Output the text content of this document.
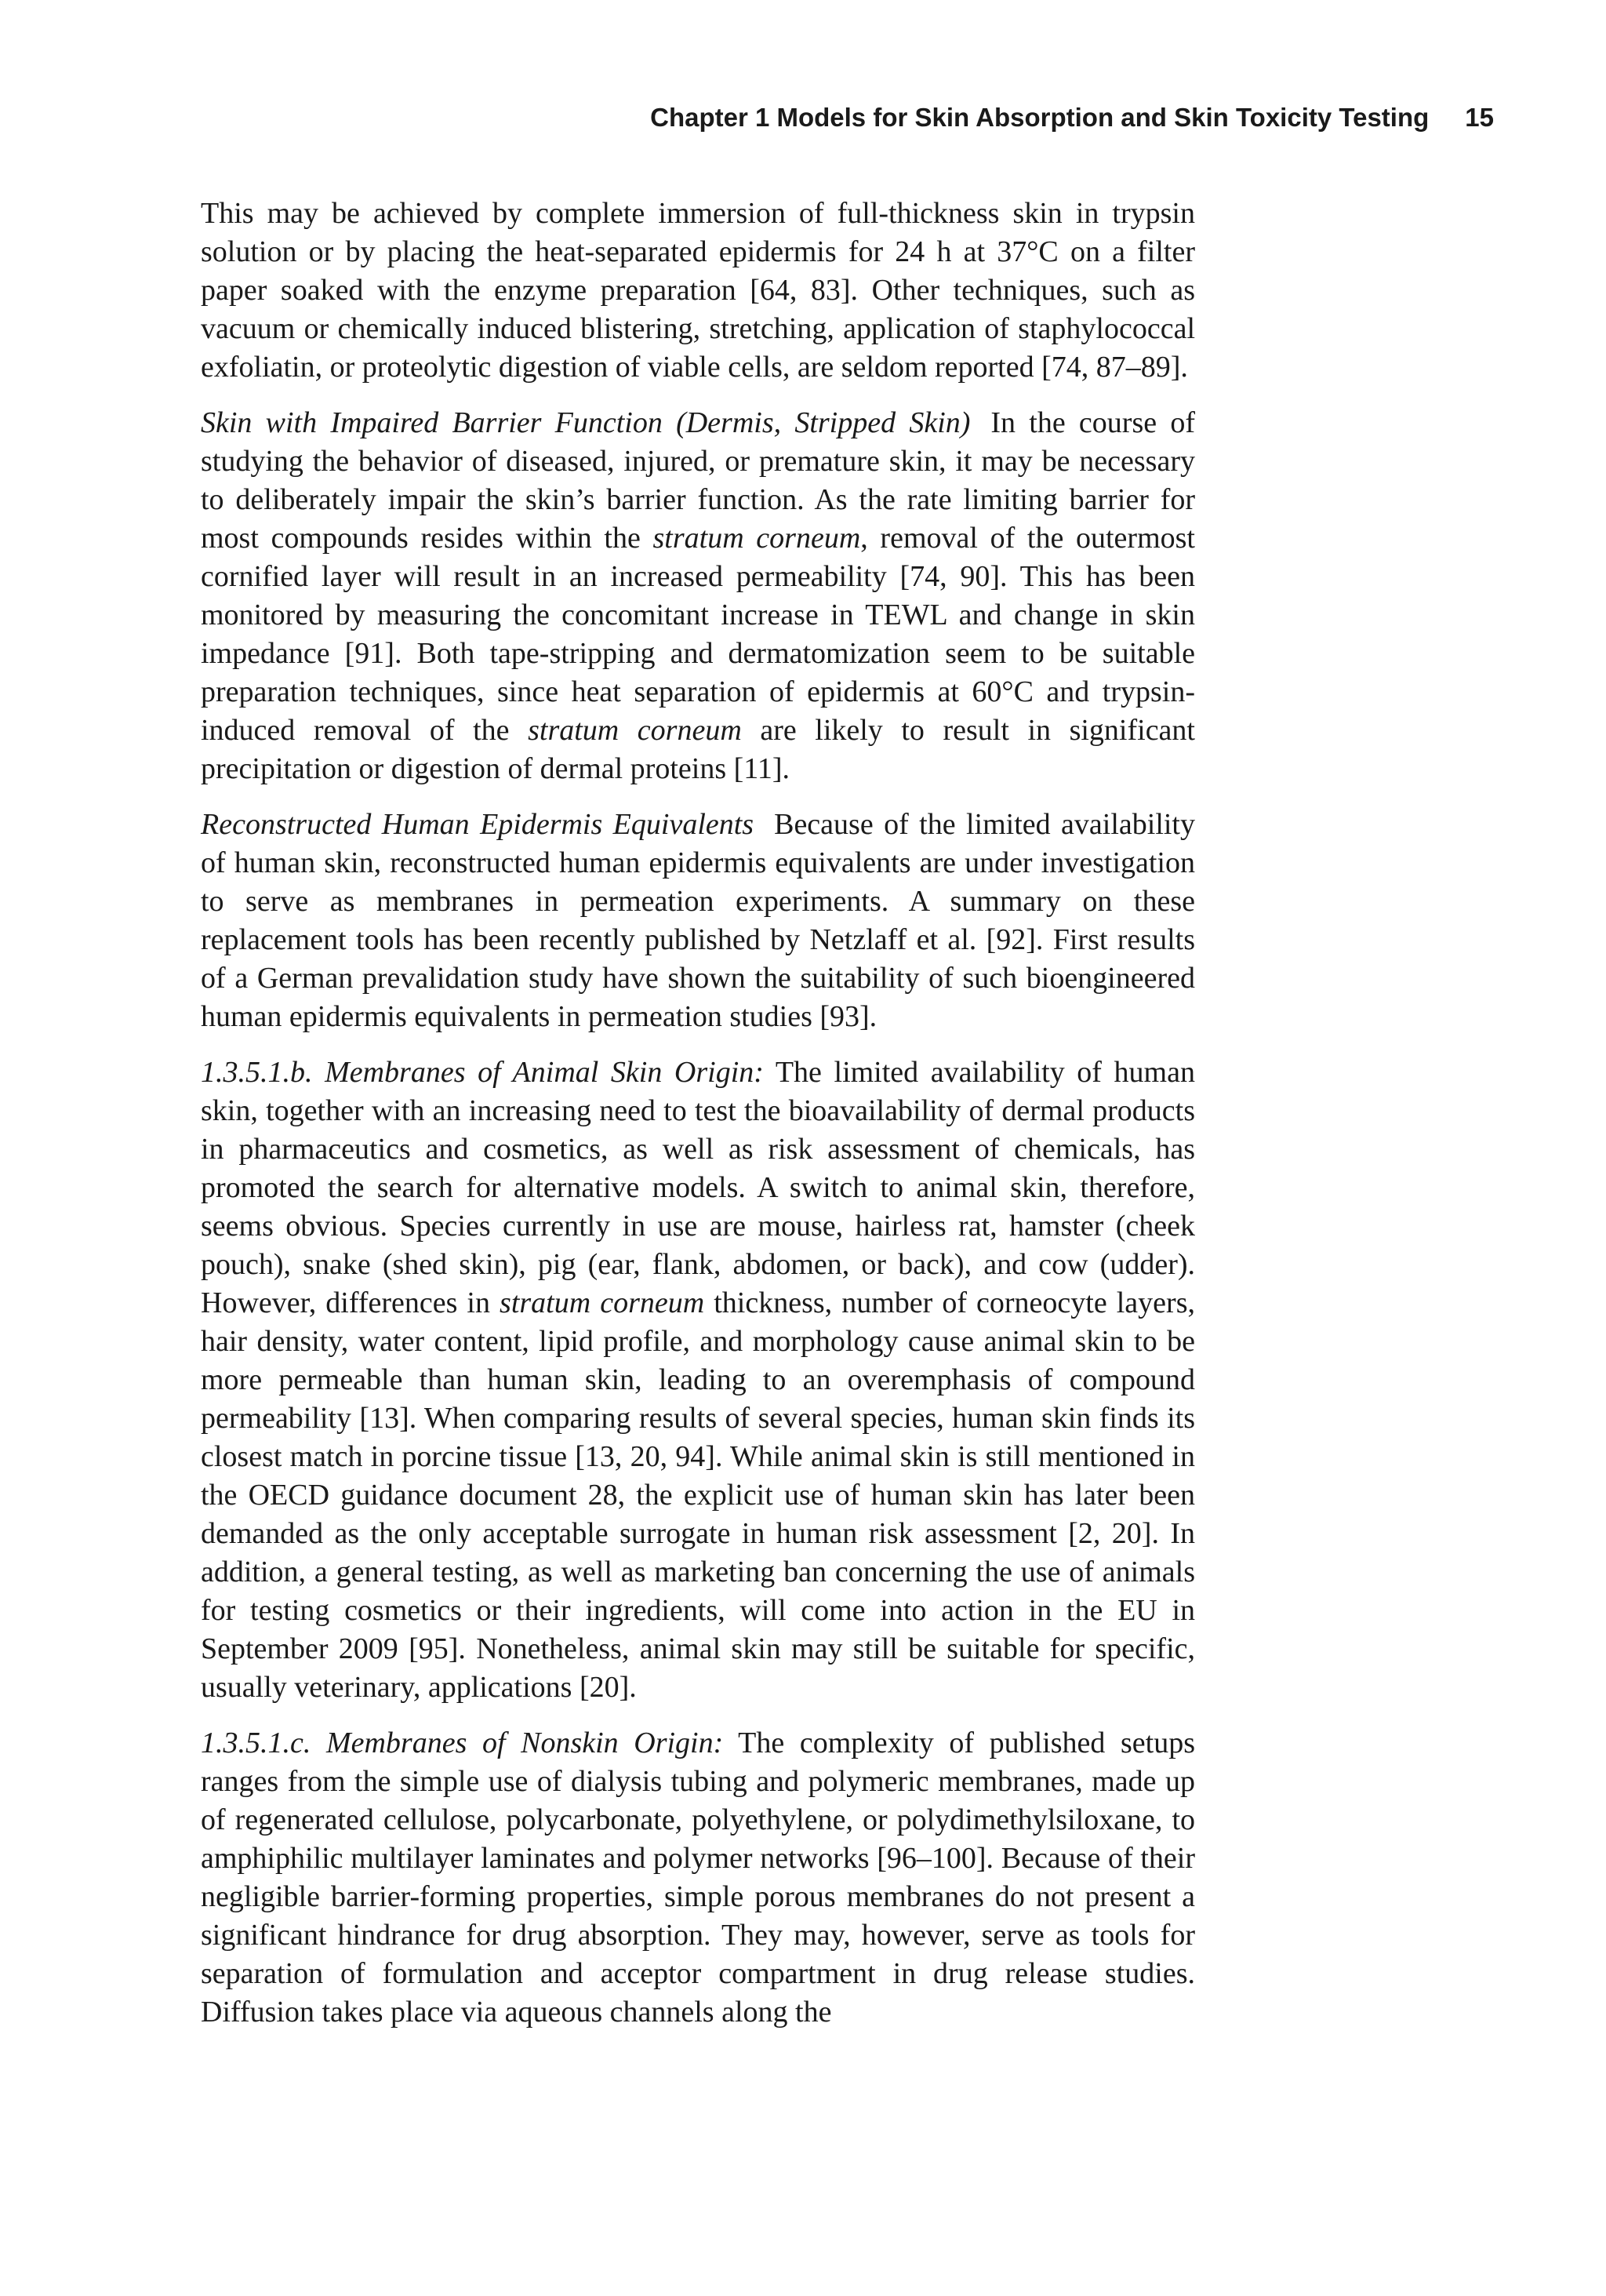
Chapter 1 Models for Skin Absorption and Skin Toxicity Testing 15

This may be achieved by complete immersion of full-thickness skin in trypsin solution or by placing the heat-separated epidermis for 24 h at 37°C on a filter paper soaked with the enzyme preparation [64, 83]. Other techniques, such as vacuum or chemically induced blistering, stretching, application of staphylococcal exfoliatin, or proteolytic digestion of viable cells, are seldom reported [74, 87–89].

Skin with Impaired Barrier Function (Dermis, Stripped Skin) In the course of studying the behavior of diseased, injured, or premature skin, it may be necessary to deliberately impair the skin’s barrier function. As the rate limiting barrier for most compounds resides within the stratum corneum, removal of the outermost cornified layer will result in an increased permeability [74, 90]. This has been monitored by measuring the concomitant increase in TEWL and change in skin impedance [91]. Both tape-stripping and dermatomization seem to be suitable preparation techniques, since heat separation of epidermis at 60°C and trypsin-induced removal of the stratum corneum are likely to result in significant precipitation or digestion of dermal proteins [11].

Reconstructed Human Epidermis Equivalents Because of the limited availability of human skin, reconstructed human epidermis equivalents are under investigation to serve as membranes in permeation experiments. A summary on these replacement tools has been recently published by Netzlaff et al. [92]. First results of a German prevalidation study have shown the suitability of such bioengineered human epidermis equivalents in permeation studies [93].

1.3.5.1.b. Membranes of Animal Skin Origin: The limited availability of human skin, together with an increasing need to test the bioavailability of dermal products in pharmaceutics and cosmetics, as well as risk assessment of chemicals, has promoted the search for alternative models. A switch to animal skin, therefore, seems obvious. Species currently in use are mouse, hairless rat, hamster (cheek pouch), snake (shed skin), pig (ear, flank, abdomen, or back), and cow (udder). However, differences in stratum corneum thickness, number of corneocyte layers, hair density, water content, lipid profile, and morphology cause animal skin to be more permeable than human skin, leading to an overemphasis of compound permeability [13]. When comparing results of several species, human skin finds its closest match in porcine tissue [13, 20, 94]. While animal skin is still mentioned in the OECD guidance document 28, the explicit use of human skin has later been demanded as the only acceptable surrogate in human risk assessment [2, 20]. In addition, a general testing, as well as marketing ban concerning the use of animals for testing cosmetics or their ingredients, will come into action in the EU in September 2009 [95]. Nonetheless, animal skin may still be suitable for specific, usually veterinary, applications [20].

1.3.5.1.c. Membranes of Nonskin Origin: The complexity of published setups ranges from the simple use of dialysis tubing and polymeric membranes, made up of regenerated cellulose, polycarbonate, polyethylene, or polydimethylsiloxane, to amphiphilic multilayer laminates and polymer networks [96–100]. Because of their negligible barrier-forming properties, simple porous membranes do not present a significant hindrance for drug absorption. They may, however, serve as tools for separation of formulation and acceptor compartment in drug release studies. Diffusion takes place via aqueous channels along the
